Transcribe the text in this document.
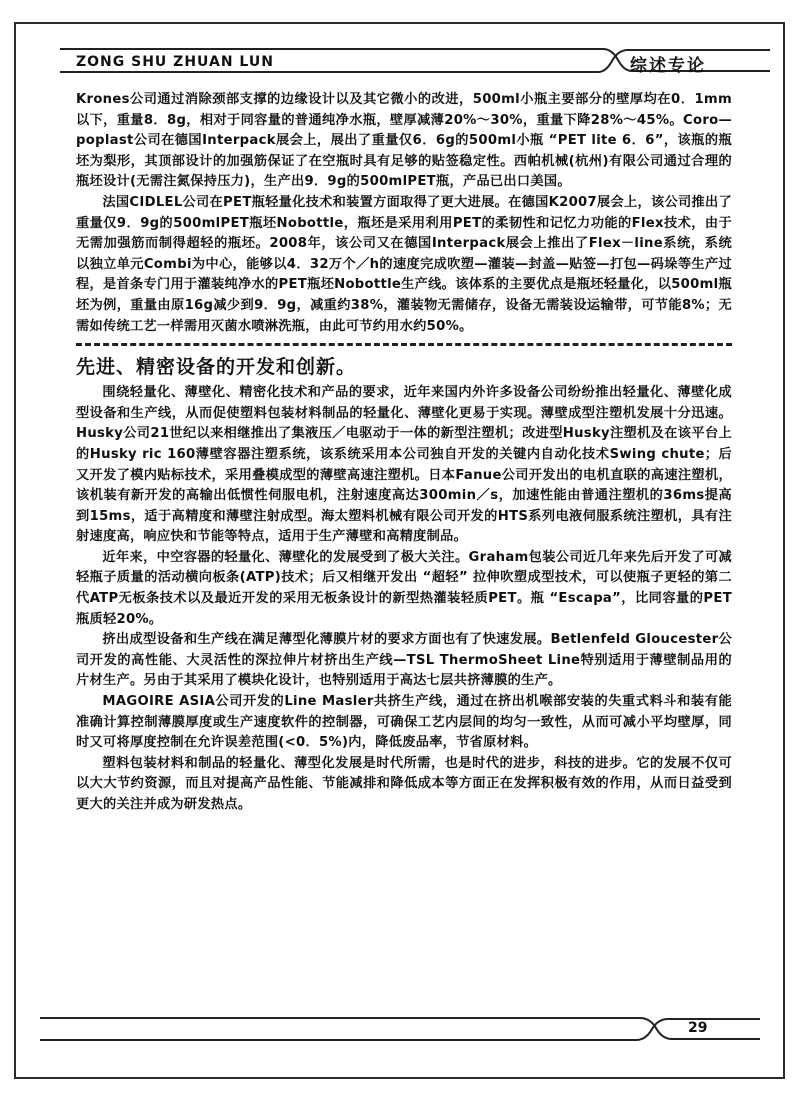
ZONG SHU ZHUAN LUN	综述专论

Krones公司通过消除颈部支撑的边缘设计以及其它微小的改进，500ml小瓶主要部分的壁厚均在0．1mm以下，重量8．8g，相对于同容量的普通纯净水瓶，壁厚减薄20%～30%，重量下降28%～45%。Coro—poplast公司在德国Interpack展会上，展出了重量仅6．6g的500ml小瓶 “PET lite 6．6”，该瓶的瓶坯为梨形，其顶部设计的加强筋保证了在空瓶时具有足够的贴签稳定性。西帕机械(杭州)有限公司通过合理的瓶坯设计(无需注氮保持压力)，生产出9．9g的500mlPET瓶，产品已出口美国。

法国CIDLEL公司在PET瓶轻量化技术和装置方面取得了更大进展。在德国K2007展会上，该公司推出了重量仅9．9g的500mlPET瓶坯Nobottle，瓶坯是采用利用PET的柔韧性和记忆力功能的Flex技术，由于无需加强筋而制得超轻的瓶坯。2008年，该公司又在德国Interpack展会上推出了Flex－line系统，系统以独立单元Combi为中心，能够以4．32万个／h的速度完成吹塑—灌装—封盖—贴签—打包—码垛等生产过程，是首条专门用于灌装纯净水的PET瓶坯Nobottle生产线。该体系的主要优点是瓶坯轻量化，以500ml瓶坯为例，重量由原16g减少到9．9g，减重约38%，灌装物无需储存，设备无需装设运输带，可节能8%；无需如传统工艺一样需用灭菌水喷淋洗瓶，由此可节约用水约50%。

先进、精密设备的开发和创新。

围绕轻量化、薄壁化、精密化技术和产品的要求，近年来国内外许多设备公司纷纷推出轻量化、薄壁化成型设备和生产线，从而促使塑料包装材料制品的轻量化、薄壁化更易于实现。薄壁成型注塑机发展十分迅速。Husky公司21世纪以来相继推出了集液压／电驱动于一体的新型注塑机；改进型Husky注塑机及在该平台上的Husky ric 160薄壁容器注塑系统，该系统采用本公司独自开发的关键内自动化技术Swing chute；后又开发了模内贴标技术，采用叠模成型的薄壁高速注塑机。日本Fanue公司开发出的电机直联的高速注塑机，该机装有新开发的高输出低惯性伺服电机，注射速度高达300min／s，加速性能由普通注塑机的36ms提高到15ms，适于高精度和薄壁注射成型。海太塑料机械有限公司开发的HTS系列电液伺服系统注塑机，具有注射速度高，响应快和节能等特点，适用于生产薄壁和高精度制品。

近年来，中空容器的轻量化、薄壁化的发展受到了极大关注。Graham包装公司近几年来先后开发了可减轻瓶子质量的活动横向板条(ATP)技术；后又相继开发出 “超轻” 拉伸吹塑成型技术，可以使瓶子更轻的第二代ATP无板条技术以及最近开发的采用无板条设计的新型热灌装轻质PET。瓶 “Escapa”，比同容量的PET瓶质轻20%。

挤出成型设备和生产线在满足薄型化薄膜片材的要求方面也有了快速发展。Betlenfeld Gloucester公司开发的高性能、大灵活性的深拉伸片材挤出生产线—TSL ThermoSheet Line特别适用于薄壁制品用的片材生产。另由于其采用了模块化设计，也特别适用于高达七层共挤薄膜的生产。

MAGOIRE ASIA公司开发的Line Masler共挤生产线，通过在挤出机喉部安装的失重式料斗和装有能准确计算控制薄膜厚度或生产速度软件的控制器，可确保工艺内层间的均匀一致性，从而可减小平均壁厚，同时又可将厚度控制在允许误差范围(<0．5%)内，降低废品率，节省原材料。

塑料包装材料和制品的轻量化、薄型化发展是时代所需，也是时代的进步，科技的进步。它的发展不仅可以大大节约资源，而且对提高产品性能、节能减排和降低成本等方面正在发挥积极有效的作用，从而日益受到更大的关注并成为研发热点。

29
